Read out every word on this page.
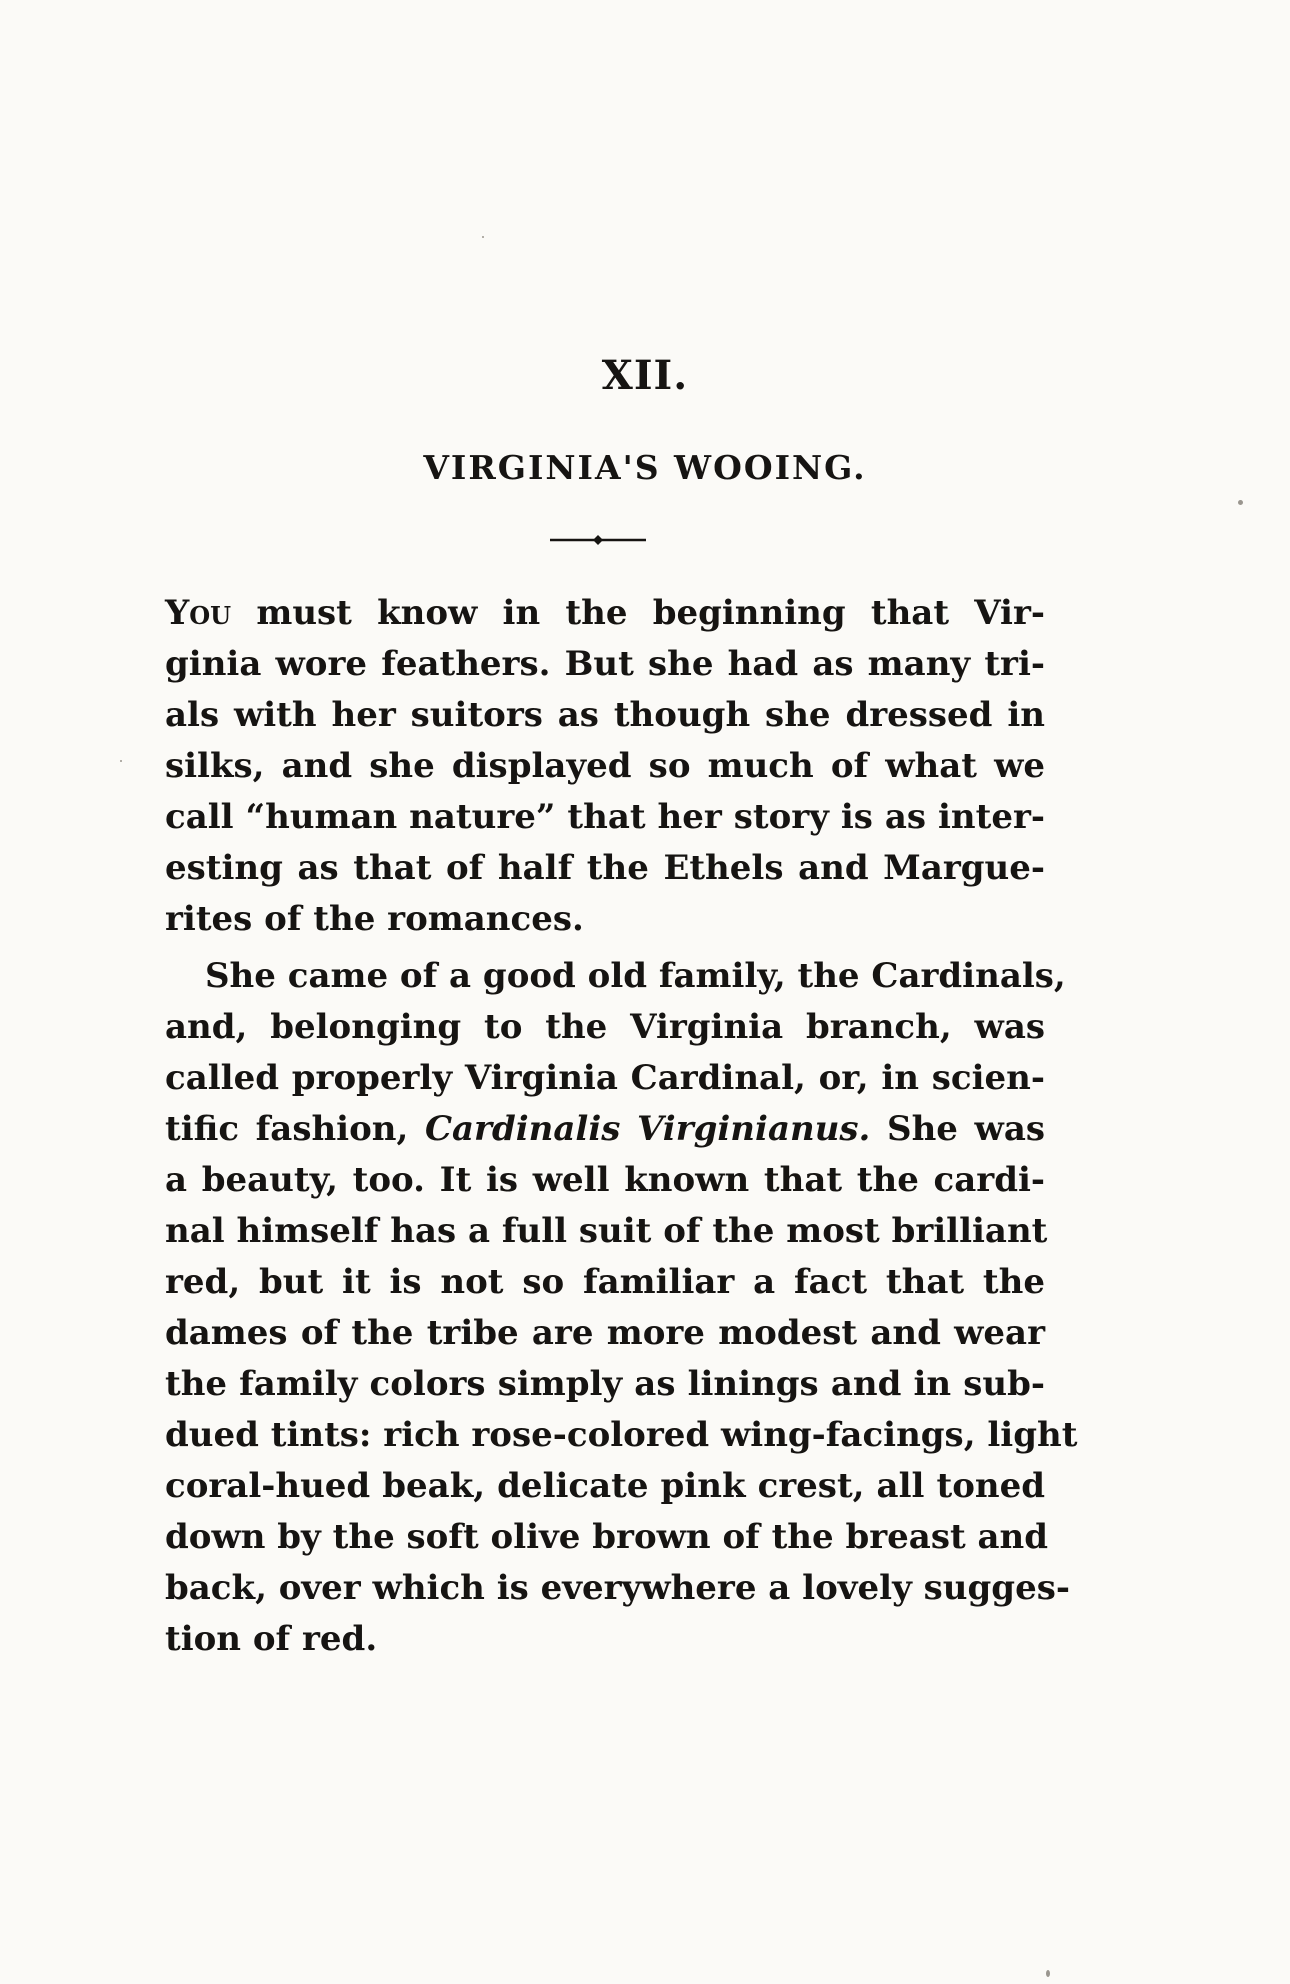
XII.
VIRGINIA'S WOOING.
You must know in the beginning that Vir-
ginia wore feathers. But she had as many tri-
als with her suitors as though she dressed in
silks, and she displayed so much of what we
call “human nature” that her story is as inter-
esting as that of half the Ethels and Margue-
rites of the romances.
She came of a good old family, the Cardinals,
and, belonging to the Virginia branch, was
called properly Virginia Cardinal, or, in scien-
tific fashion, Cardinalis Virginianus. She was
a beauty, too. It is well known that the cardi-
nal himself has a full suit of the most brilliant
red, but it is not so familiar a fact that the
dames of the tribe are more modest and wear
the family colors simply as linings and in sub-
dued tints: rich rose-colored wing-facings, light
coral-hued beak, delicate pink crest, all toned
down by the soft olive brown of the breast and
back, over which is everywhere a lovely sugges-
tion of red.
